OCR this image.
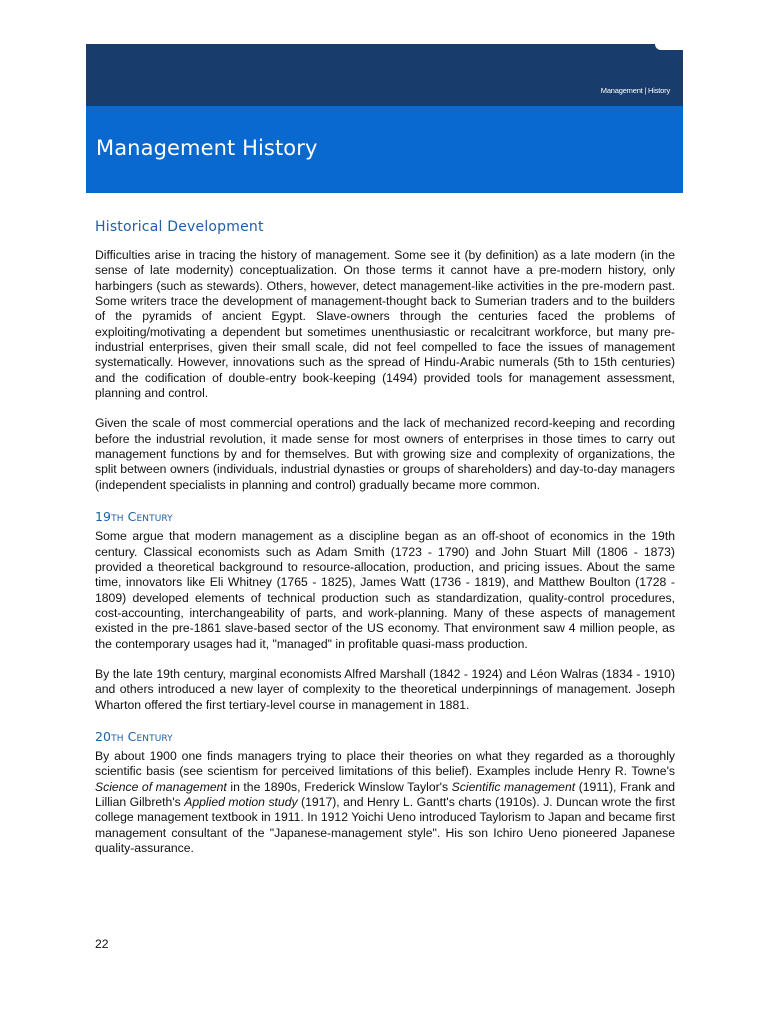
Management | History
Management History
Historical Development

Difficulties arise in tracing the history of management. Some see it (by definition) as a late modern (in the sense of late modernity) conceptualization. On those terms it cannot have a pre-modern history, only harbingers (such as stewards). Others, however, detect management-like activities in the pre-modern past. Some writers trace the development of management-thought back to Sumerian traders and to the builders of the pyramids of ancient Egypt. Slave-owners through the centuries faced the problems of exploiting/motivating a dependent but sometimes unenthusiastic or recalcitrant workforce, but many pre-industrial enterprises, given their small scale, did not feel compelled to face the issues of management systematically. However, innovations such as the spread of Hindu-Arabic numerals (5th to 15th centuries) and the codification of double-entry book-keeping (1494) provided tools for management assessment, planning and control.

Given the scale of most commercial operations and the lack of mechanized record-keeping and recording before the industrial revolution, it made sense for most owners of enterprises in those times to carry out management functions by and for themselves. But with growing size and complexity of organizations, the split between owners (individuals, industrial dynasties or groups of shareholders) and day-to-day managers (independent specialists in planning and control) gradually became more common.

19th Century

Some argue that modern management as a discipline began as an off-shoot of economics in the 19th century. Classical economists such as Adam Smith (1723 - 1790) and John Stuart Mill (1806 - 1873) provided a theoretical background to resource-allocation, production, and pricing issues. About the same time, innovators like Eli Whitney (1765 - 1825), James Watt (1736 - 1819), and Matthew Boulton (1728 - 1809) developed elements of technical production such as standardization, quality-control procedures, cost-accounting, interchangeability of parts, and work-planning. Many of these aspects of management existed in the pre-1861 slave-based sector of the US economy. That environment saw 4 million people, as the contemporary usages had it, "managed" in profitable quasi-mass production.

By the late 19th century, marginal economists Alfred Marshall (1842 - 1924) and Léon Walras (1834 - 1910) and others introduced a new layer of complexity to the theoretical underpinnings of management. Joseph Wharton offered the first tertiary-level course in management in 1881.

20th Century

By about 1900 one finds managers trying to place their theories on what they regarded as a thoroughly scientific basis (see scientism for perceived limitations of this belief). Examples include Henry R. Towne's Science of management in the 1890s, Frederick Winslow Taylor's Scientific management (1911), Frank and Lillian Gilbreth's Applied motion study (1917), and Henry L. Gantt's charts (1910s). J. Duncan wrote the first college management textbook in 1911. In 1912 Yoichi Ueno introduced Taylorism to Japan and became first management consultant of the "Japanese-management style". His son Ichiro Ueno pioneered Japanese quality-assurance.

22
